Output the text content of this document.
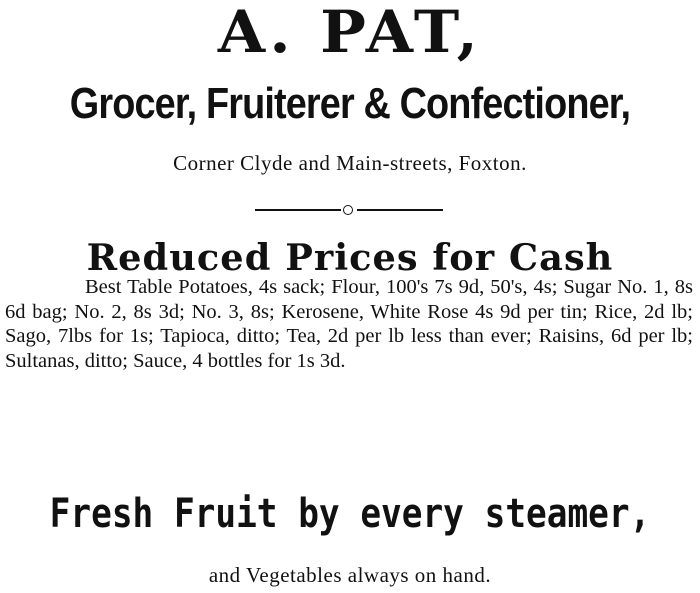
A. PAT,
Grocer, Fruiterer & Confectioner,
Corner Clyde and Main-streets, Foxton.
Reduced Prices for Cash
Best Table Potatoes, 4s sack; Flour, 100's 7s 9d, 50's, 4s; Sugar No. 1, 8s 6d bag; No. 2, 8s 3d; No. 3, 8s; Kerosene, White Rose 4s 9d per tin; Rice, 2d lb; Sago, 7lbs for 1s; Tapioca, ditto; Tea, 2d per lb less than ever; Raisins, 6d per lb; Sultanas, ditto; Sauce, 4 bottles for 1s 3d.
Fresh Fruit by every steamer,
and Vegetables always on hand.
